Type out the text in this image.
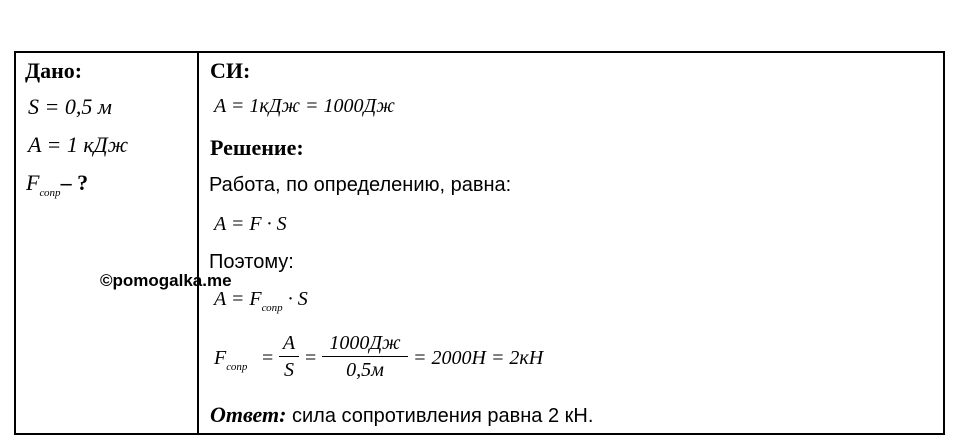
Дано:
S = 0,5 м
A = 1 кДж
$F_{сопр}-$ ?
СИ:
A = 1кДж = 1000Дж
Решение:
Работа, по определению, равна:
A = F · S
Поэтому:
$A = F_{сопр} \cdot S$
$F_{сопр}$ =
A
S
=
1000Дж
0,5м
= 2000H = 2кН
Ответ: сила сопротивления равна 2 кН.
©pomogalka.me
